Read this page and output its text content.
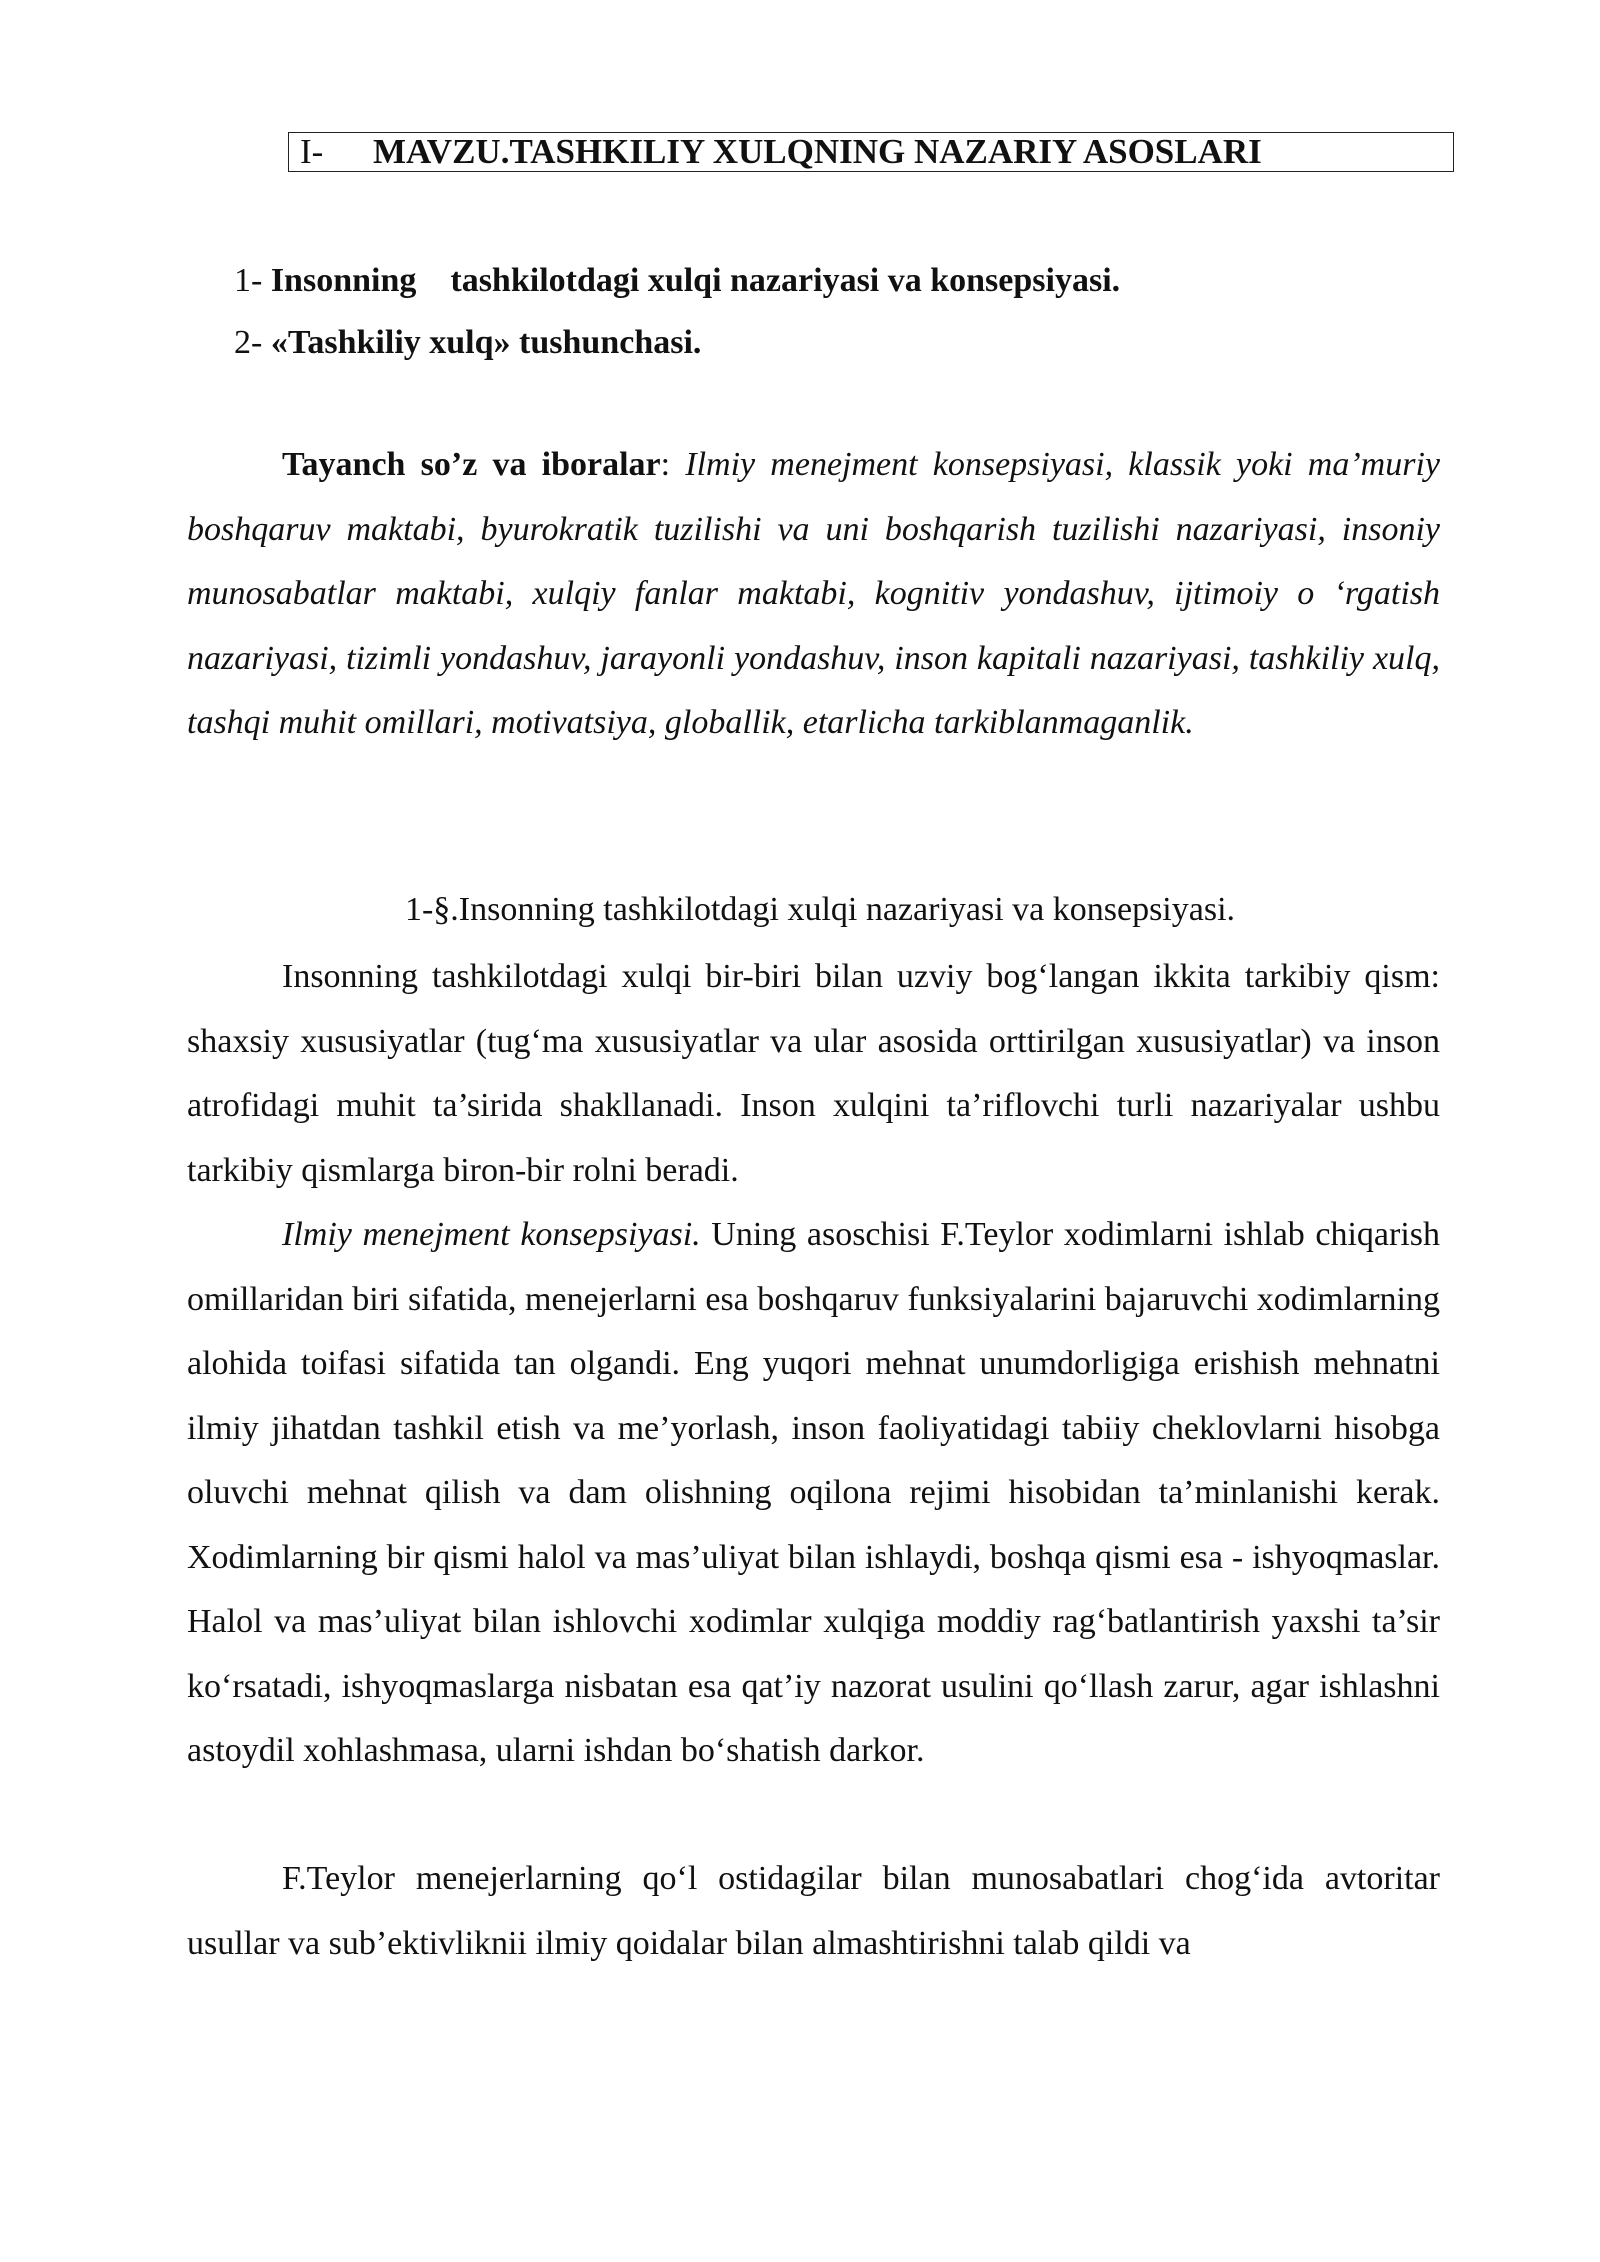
I- MAVZU.TASHKILIY XULQNING NAZARIY ASOSLARI
1- Insonning    tashkilotdagi xulqi nazariyasi va konsepsiyasi.
2- «Tashkiliy xulq» tushunchasi.

Tayanch so’z va iboralar: Ilmiy menejment konsepsiyasi, klassik yoki ma’muriy boshqaruv maktabi, byurokratik tuzilishi va uni boshqarish tuzilishi nazariyasi, insoniy munosabatlar maktabi, xulqiy fanlar maktabi, kognitiv yondashuv, ijtimoiy o ‘rgatish nazariyasi, tizimli yondashuv, jarayonli yondashuv, inson kapitali nazariyasi, tashkiliy xulq, tashqi muhit omillari, motivatsiya, globallik, etarlicha tarkiblanmaganlik.

1-§.Insonning tashkilotdagi xulqi nazariyasi va konsepsiyasi.

Insonning tashkilotdagi xulqi bir-biri bilan uzviy bog‘langan ikkita tarkibiy qism: shaxsiy xususiyatlar (tug‘ma xususiyatlar va ular asosida orttirilgan xususiyatlar) va inson atrofidagi muhit ta’sirida shakllanadi. Inson xulqini ta’riflovchi turli nazariyalar ushbu tarkibiy qismlarga biron-bir rolni beradi.

Ilmiy menejment konsepsiyasi. Uning asoschisi F.Teylor xodimlarni ishlab chiqarish omillaridan biri sifatida, menejerlarni esa boshqaruv funksiyalarini bajaruvchi xodimlarning alohida toifasi sifatida tan olgandi. Eng yuqori mehnat unumdorligiga erishish mehnatni ilmiy jihatdan tashkil etish va me’yorlash, inson faoliyatidagi tabiiy cheklovlarni hisobga oluvchi mehnat qilish va dam olishning oqilona rejimi hisobidan ta’minlanishi kerak. Xodimlarning bir qismi halol va mas’uliyat bilan ishlaydi, boshqa qismi esa - ishyoqmaslar. Halol va mas’uliyat bilan ishlovchi xodimlar xulqiga moddiy rag‘batlantirish yaxshi ta’sir ko‘rsatadi, ishyoqmaslarga nisbatan esa qat’iy nazorat usulini qo‘llash zarur, agar ishlashni astoydil xohlashmasa, ularni ishdan bo‘shatish darkor.

F.Teylor menejerlarning qo‘l ostidagilar bilan munosabatlari chog‘ida avtoritar usullar va sub’ektivliknii ilmiy qoidalar bilan almashtirishni talab qildi va
